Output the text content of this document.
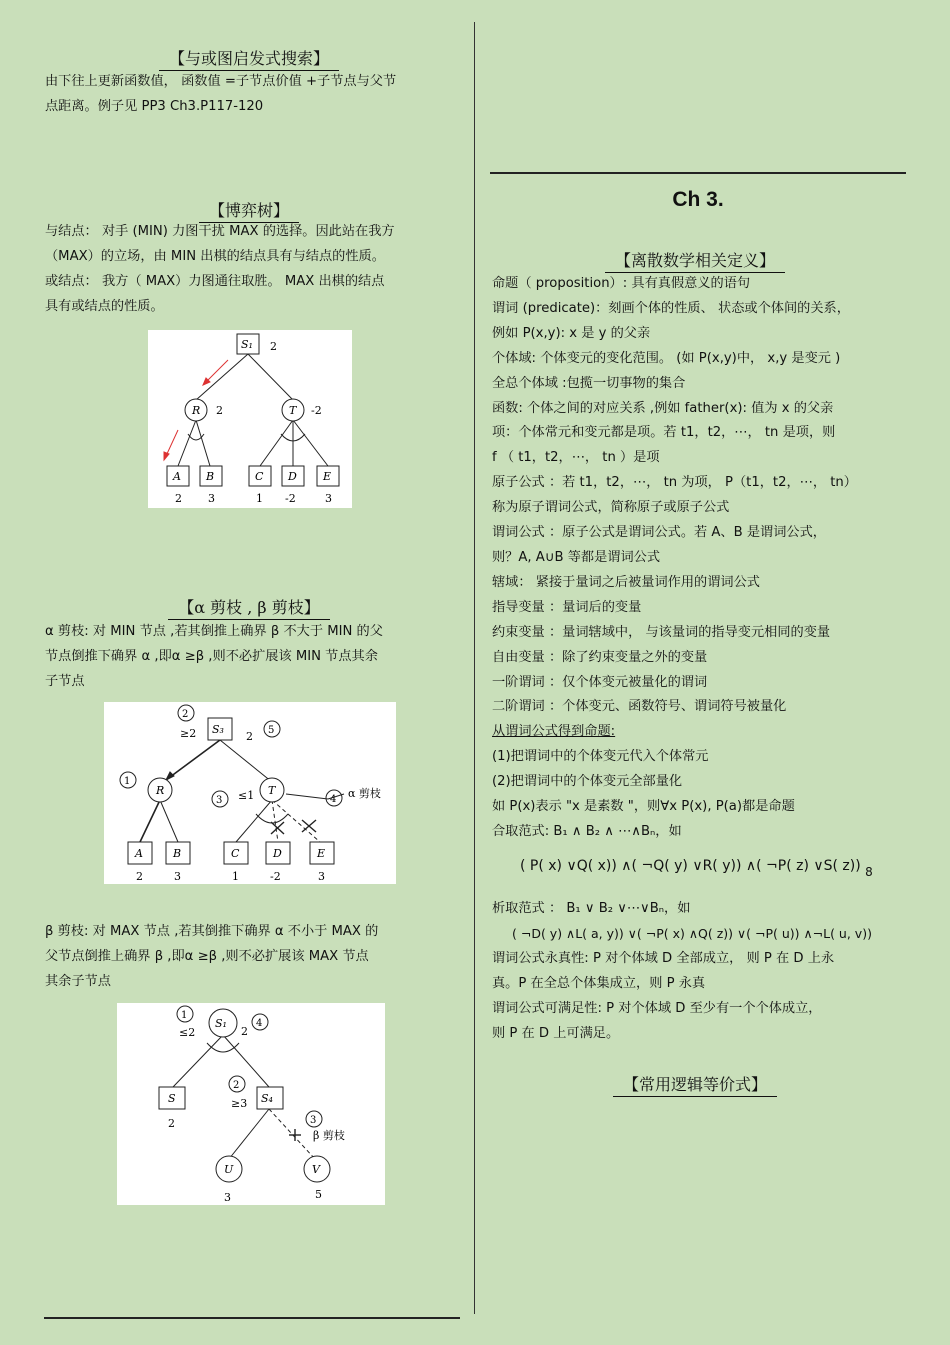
【与或图启发式搜索】

由下往上更新函数值， 函数值 =子节点价值 +子节点与父节

点距离。例子见 PP3 Ch3.P117-120

【博弈树】

与结点： 对手 (MIN) 力图干扰 MAX 的选择。因此站在我方

（MAX）的立场，由 MIN 出棋的结点具有与结点的性质。

或结点： 我方（ MAX）力图通往取胜。 MAX 出棋的结点

具有或结点的性质。

S₁ 2
R 2	T -2
A
2
B
3
C
1
D
-2
E
3
【α 剪枝 , β 剪枝】

α 剪枝: 对 MIN 节点 ,若其倒推上确界 β 不大于 MIN 的父

节点倒推下确界 α ,即α ≥β ,则不必扩展该 MIN 节点其余

子节点

2
5
1
3	4
≥2
≤1	α 剪枝
S₃
2
R	T
A
2
B
3
C
1
D
-2
E
3

β 剪枝: 对 MAX 节点 ,若其倒推下确界 α 不小于 MAX 的

父节点倒推上确界 β ,即α ≥β ,则不必扩展该 MAX 节点

其余子节点

1
4
2
3
≤2
≥3
β 剪枝
S₁
2
S
2
S₄
U
3
V
5
Ch 3.
【离散数学相关定义】

命题（ proposition）: 具有真假意义的语句

谓词 (predicate)：刻画个体的性质、 状态或个体间的关系，

例如 P(x,y): x 是 y 的父亲

个体域: 个体变元的变化范围。 (如 P(x,y)中， x,y 是变元 )

全总个体域 :包揽一切事物的集合

函数: 个体之间的对应关系 ,例如 father(x): 值为 x 的父亲

项：个体常元和变元都是项。若 t1，t2，⋯， tn 是项，则

f （ t1，t2，⋯， tn ）是项

原子公式 ：若 t1，t2，⋯， tn 为项， P（t1，t2，⋯， tn）

称为原子谓词公式，简称原子或原子公式

谓词公式 ：原子公式是谓词公式。若 A、B 是谓词公式，

则？A, A∪B 等都是谓词公式

辖域： 紧接于量词之后被量词作用的谓词公式

指导变量 ：量词后的变量

约束变量 ：量词辖域中， 与该量词的指导变元相同的变量

自由变量 ：除了约束变量之外的变量

一阶谓词 ：仅个体变元被量化的谓词

二阶谓词 ：个体变元、函数符号、谓词符号被量化

从谓词公式得到命题:

(1)把谓词中的个体变元代入个体常元

(2)把谓词中的个体变元全部量化

如 P(x)表示 "x 是素数 "，则∀x P(x), P(a)都是命题

合取范式: B₁ ∧ B₂ ∧ ⋯∧Bₙ，如

( P( x) ∨Q( x)) ∧( ¬Q( y) ∨R( y)) ∧( ¬P( z) ∨S( z)) 8
析取范式 ： B₁ ∨ B₂ ∨⋯∨Bₙ，如
( ¬D( y) ∧L( a, y)) ∨( ¬P( x) ∧Q( z)) ∨( ¬P( u)) ∧¬L( u, v))

谓词公式永真性: P 对个体域 D 全部成立， 则 P 在 D 上永

真。P 在全总个体集成立，则 P 永真

谓词公式可满足性: P 对个体域 D 至少有一个个体成立，

则 P 在 D 上可满足。

【常用逻辑等价式】
